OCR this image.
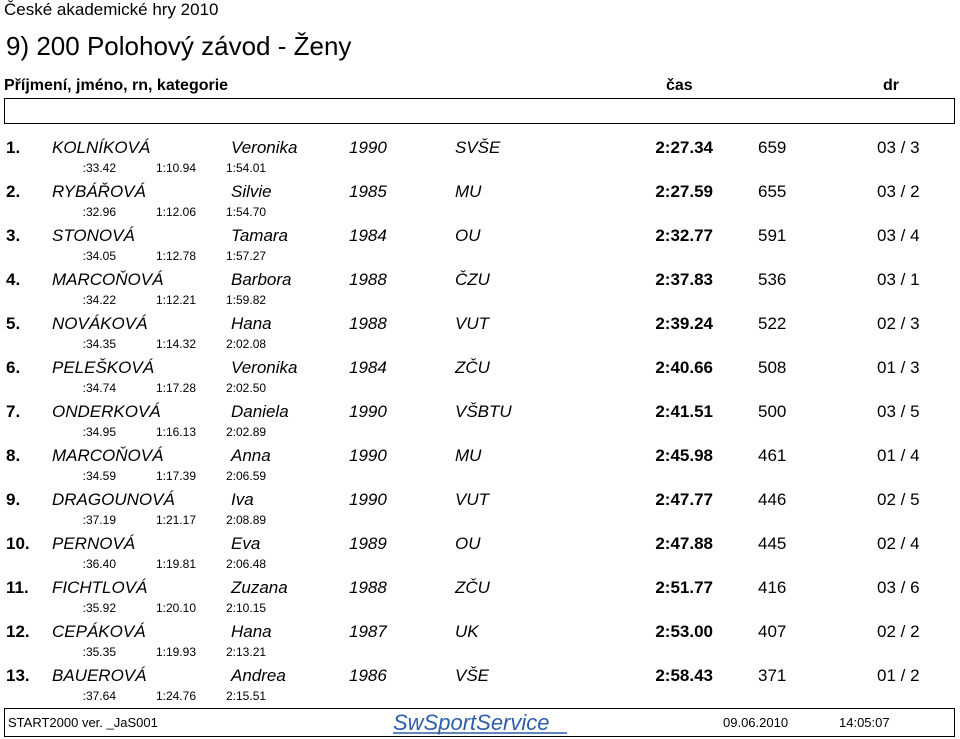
České akademické hry 2010
9) 200 Polohový závod - Ženy
Příjmení, jméno, rn, kategorie	čas	dr
1. KOLNÍKOVÁ	Veronika	1990	SVŠE	2:27.34	659	03 / 3
:33.42	1:10.94	1:54.01
2. RYBÁŘOVÁ	Silvie	1985	MU	2:27.59	655	03 / 2
:32.96	1:12.06	1:54.70
3. STONOVÁ	Tamara	1984	OU	2:32.77	591	03 / 4
:34.05	1:12.78	1:57.27
4. MARCOŇOVÁ	Barbora	1988	ČZU	2:37.83	536	03 / 1
:34.22	1:12.21	1:59.82
5. NOVÁKOVÁ	Hana	1988	VUT	2:39.24	522	02 / 3
:34.35	1:14.32	2:02.08
6. PELEŠKOVÁ	Veronika	1984	ZČU	2:40.66	508	01 / 3
:34.74	1:17.28	2:02.50
7. ONDERKOVÁ	Daniela	1990	VŠBTU	2:41.51	500	03 / 5
:34.95	1:16.13	2:02.89
8. MARCOŇOVÁ	Anna	1990	MU	2:45.98	461	01 / 4
:34.59	1:17.39	2:06.59
9. DRAGOUNOVÁ	Iva	1990	VUT	2:47.77	446	02 / 5
:37.19	1:21.17	2:08.89
10. PERNOVÁ	Eva	1989	OU	2:47.88	445	02 / 4
:36.40	1:19.81	2:06.48
11. FICHTLOVÁ	Zuzana	1988	ZČU	2:51.77	416	03 / 6
:35.92	1:20.10	2:10.15
12. CEPÁKOVÁ	Hana	1987	UK	2:53.00	407	02 / 2
:35.35	1:19.93	2:13.21
13. BAUEROVÁ	Andrea	1986	VŠE	2:58.43	371	01 / 2
:37.64	1:24.76	2:15.51
START2000 ver. _JaS001	SwSportService	09.06.2010	14:05:07
